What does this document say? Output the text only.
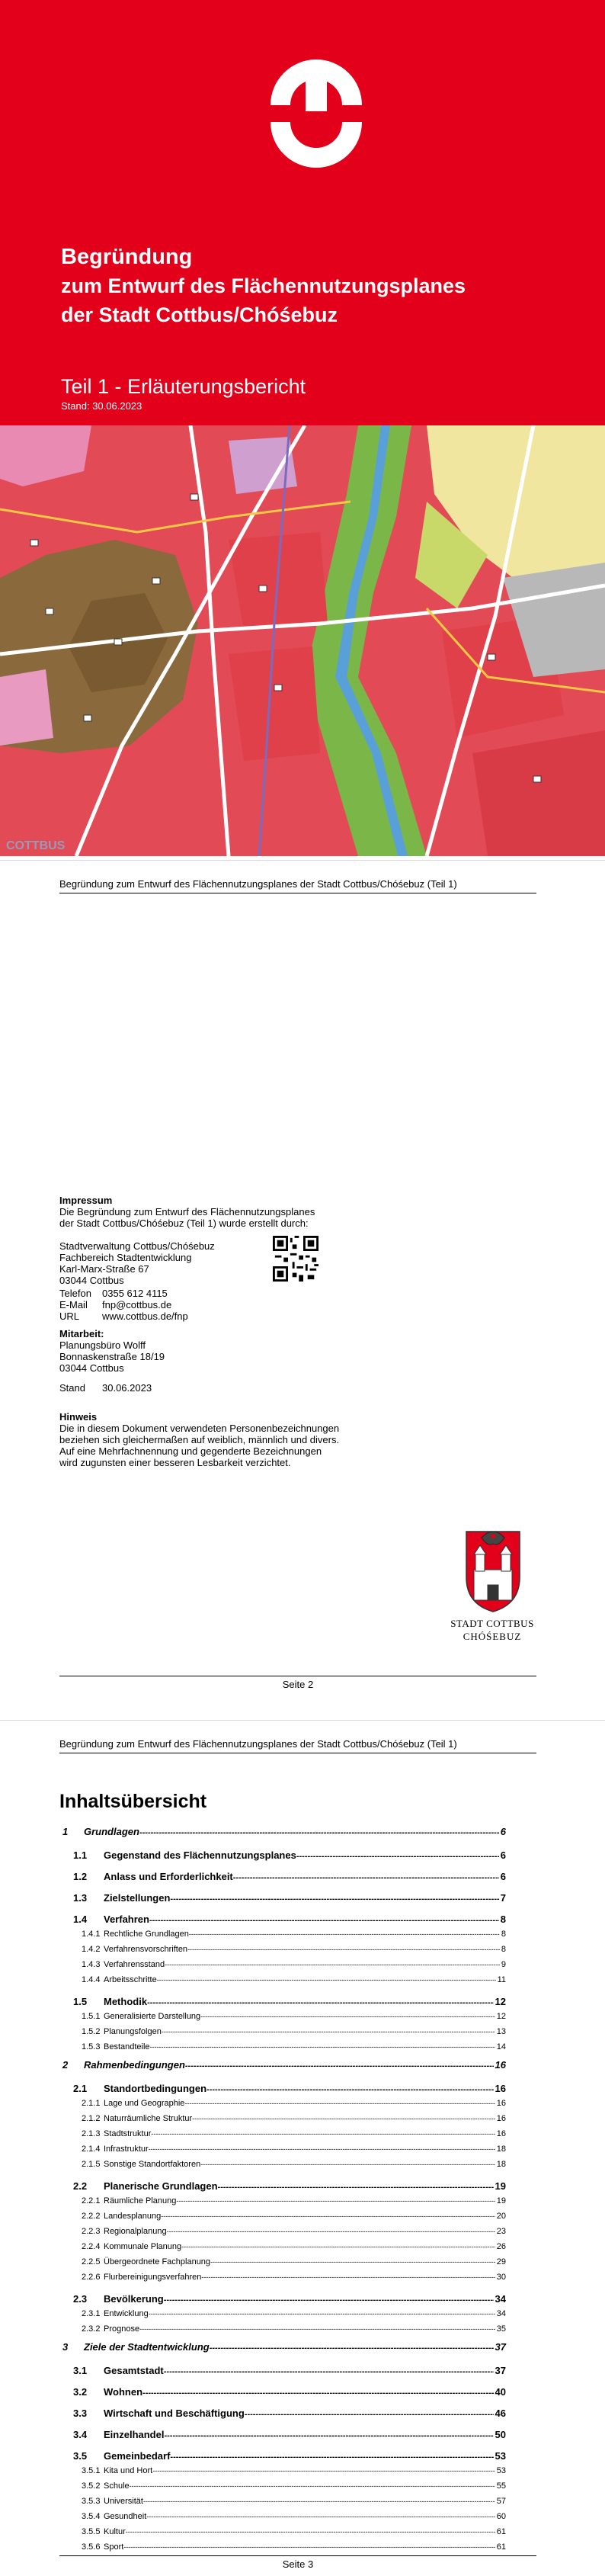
Begründung
zum Entwurf des Flächennutzungsplanes
der Stadt Cottbus/Chóśebuz
Teil 1 - Erläuterungsbericht
Stand: 30.06.2023
COTTBUS
Begründung zum Entwurf des Flächennutzungsplanes der Stadt Cottbus/Chóśebuz (Teil 1)
Impressum
Die Begründung zum Entwurf des Flächennutzungsplanes
der Stadt Cottbus/Chóśebuz (Teil 1) wurde erstellt durch:
Stadtverwaltung Cottbus/Chóśebuz
Fachbereich Stadtentwicklung
Karl-Marx-Straße 67
03044 Cottbus
Telefon	0355 612 4115
E-Mail	fnp@cottbus.de
URL	www.cottbus.de/fnp
Mitarbeit:
Planungsbüro Wolff
Bonnaskenstraße 18/19
03044 Cottbus
Stand	30.06.2023
Hinweis
Die in diesem Dokument verwendeten Personenbezeichnungen
beziehen sich gleichermaßen auf weiblich, männlich und divers.
Auf eine Mehrfachnennung und gegenderte Bezeichnungen
wird zugunsten einer besseren Lesbarkeit verzichtet.
STADT COTTBUS
CHÓŚEBUZ
Seite 2
Begründung zum Entwurf des Flächennutzungsplanes der Stadt Cottbus/Chóśebuz (Teil 1)
Inhaltsübersicht
1	Grundlagen -----	6
1.1	Gegenstand des Flächennutzungsplanes -----	6
1.2	Anlass und Erforderlichkeit -----	6
1.3	Zielstellungen -----	7
1.4	Verfahren -----	8
1.4.1 Rechtliche Grundlagen -----	8
1.4.2 Verfahrensvorschriften -----	8
1.4.3 Verfahrensstand -----	9
1.4.4 Arbeitsschritte -----	11
1.5	Methodik -----	12
1.5.1 Generalisierte Darstellung -----	12
1.5.2 Planungsfolgen -----	13
1.5.3 Bestandteile -----	14
2	Rahmenbedingungen -----	16
2.1	Standortbedingungen -----	16
2.1.1 Lage und Geographie -----	16
2.1.2 Naturräumliche Struktur -----	16
2.1.3 Stadtstruktur -----	16
2.1.4 Infrastruktur -----	18
2.1.5 Sonstige Standortfaktoren -----	18
2.2	Planerische Grundlagen -----	19
2.2.1 Räumliche Planung -----	19
2.2.2 Landesplanung -----	20
2.2.3 Regionalplanung -----	23
2.2.4 Kommunale Planung -----	26
2.2.5 Übergeordnete Fachplanung -----	29
2.2.6 Flurbereinigungsverfahren -----	30
2.3	Bevölkerung -----	34
2.3.1 Entwicklung -----	34
2.3.2 Prognose -----	35
3	Ziele der Stadtentwicklung -----	37
3.1	Gesamtstadt -----	37
3.2	Wohnen -----	40
3.3	Wirtschaft und Beschäftigung -----	46
3.4	Einzelhandel -----	50
3.5	Gemeinbedarf -----	53
3.5.1 Kita und Hort -----	53
3.5.2 Schule -----	55
3.5.3 Universität -----	57
3.5.4 Gesundheit -----	60
3.5.5 Kultur -----	61
3.5.6 Sport -----	61
Seite 3
